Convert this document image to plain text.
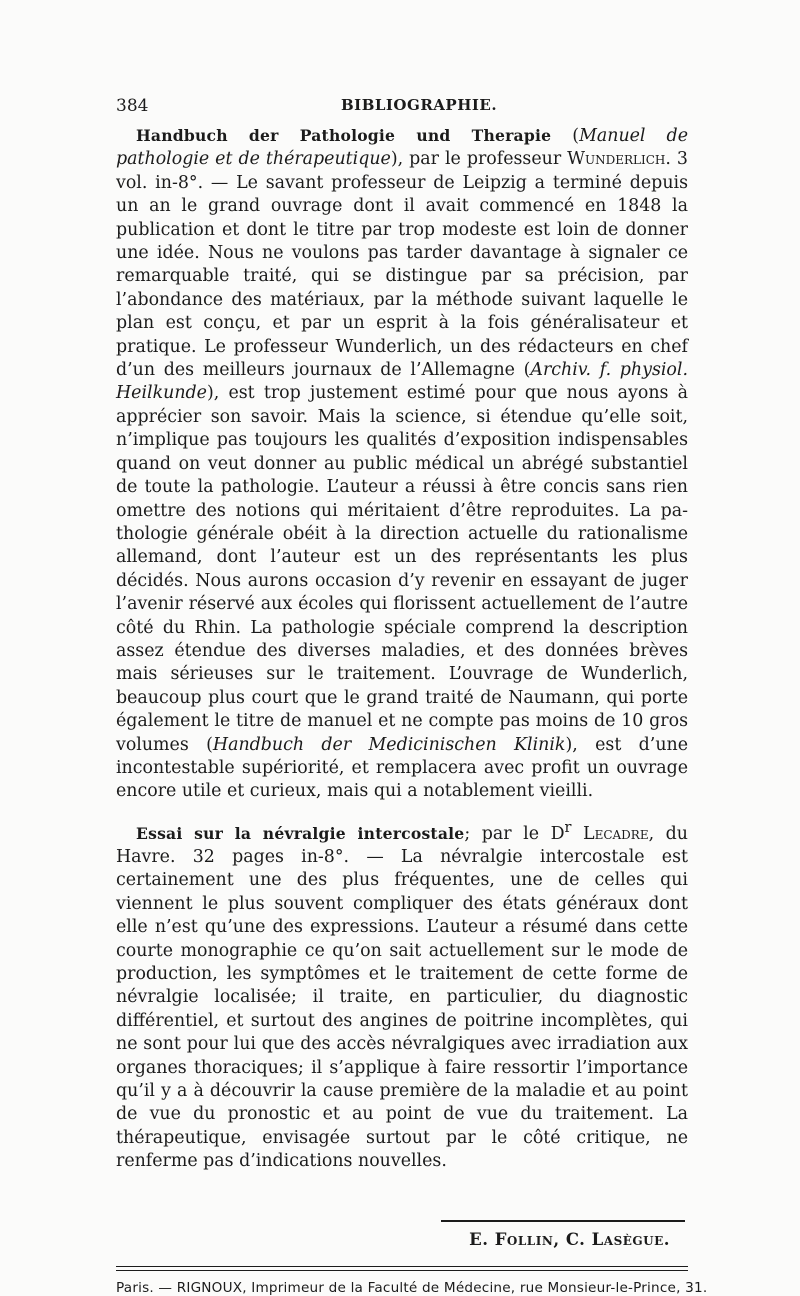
384	BIBLIOGRAPHIE.

Handbuch der Pathologie und Therapie (Manuel de pathologie et de thérapeutique), par le professeur Wunderlich. 3 vol. in-8°. — Le savant professeur de Leipzig a terminé depuis un an le grand ouvrage dont il avait commencé en 1848 la publication et dont le titre par trop modeste est loin de donner une idée. Nous ne voulons pas tarder davantage à signaler ce remarquable traité, qui se distingue par sa précision, par l’abondance des matériaux, par la méthode suivant laquelle le plan est conçu, et par un esprit à la fois généralisateur et pratique. Le professeur Wunderlich, un des rédacteurs en chef d’un des meilleurs journaux de l’Allemagne (Archiv. f. physiol. Heilkunde), est trop justement estimé pour que nous ayons à apprécier son savoir. Mais la science, si étendue qu’elle soit, n’implique pas toujours les qualités d’exposition indispensables quand on veut donner au public médical un abrégé substantiel de toute la pathologie. L’auteur a réussi à être concis sans rien omettre des notions qui méritaient d’être reproduites. La pathologie générale obéit à la direction actuelle du rationalisme allemand, dont l’auteur est un des représentants les plus décidés. Nous aurons occasion d’y revenir en essayant de juger l’avenir réservé aux écoles qui florissent actuellement de l’autre côté du Rhin. La pathologie spéciale comprend la description assez étendue des diverses maladies, et des données brèves mais sérieuses sur le traitement. L’ouvrage de Wunderlich, beaucoup plus court que le grand traité de Naumann, qui porte également le titre de manuel et ne compte pas moins de 10 gros volumes (Handbuch der Medicinischen Klinik), est d’une incontestable supériorité, et remplacera avec profit un ouvrage encore utile et curieux, mais qui a notablement vieilli.

Essai sur la névralgie intercostale; par le $D^r$ Lecadre, du Havre. 32 pages in-8°. — La névralgie intercostale est certainement une des plus fréquentes, une de celles qui viennent le plus souvent compliquer des états généraux dont elle n’est qu’une des expressions. L’auteur a résumé dans cette courte monographie ce qu’on sait actuellement sur le mode de production, les symptômes et le traitement de cette forme de névralgie localisée; il traite, en particulier, du diagnostic différentiel, et surtout des angines de poitrine incomplètes, qui ne sont pour lui que des accès névralgiques avec irradiation aux organes thoraciques; il s’applique à faire ressortir l’importance qu’il y a à découvrir la cause première de la maladie et au point de vue du pronostic et au point de vue du traitement. La thérapeutique, envisagée surtout par le côté critique, ne renferme pas d’indications nouvelles.

E. Follin, C. Lasègue.
Paris. — RIGNOUX, Imprimeur de la Faculté de Médecine, rue Monsieur-le-Prince, 31.
